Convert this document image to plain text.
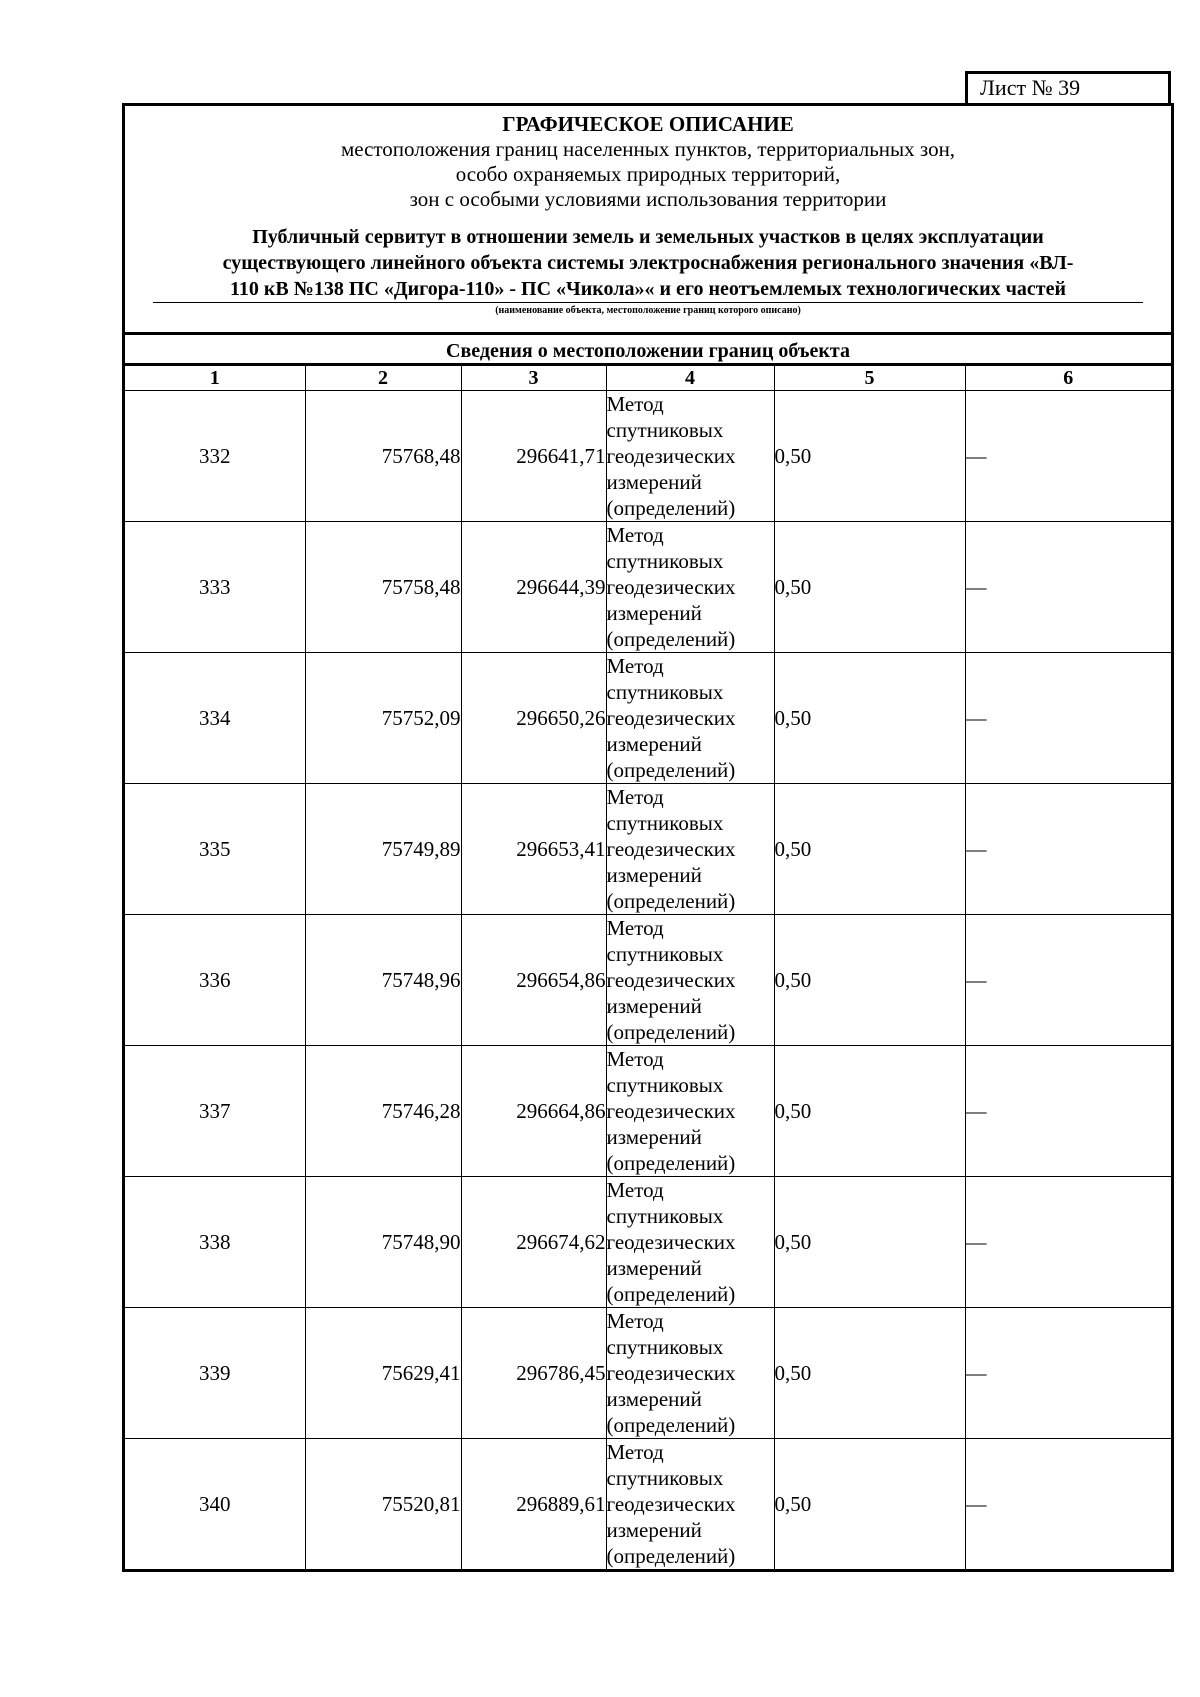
Лист № 39
ГРАФИЧЕСКОЕ ОПИСАНИЕ
местоположения границ населенных пунктов, территориальных зон,
особо охраняемых природных территорий,
зон с особыми условиями использования территории
Публичный сервитут в отношении земель и земельных участков в целях эксплуатации
существующего линейного объекта системы электроснабжения регионального значения «ВЛ-
110 кВ №138 ПС «Дигора-110» - ПС «Чикола»« и его неотъемлемых технологических частей
(наименование объекта, местоположение границ которого описано)
Сведения о местоположении границ объекта
1	2	3	4	5	6
332	75768,48	296641,71	Метод
спутниковых
геодезических
измерений
(определений)	0,50	—
333	75758,48	296644,39	Метод
спутниковых
геодезических
измерений
(определений)	0,50	—
334	75752,09	296650,26	Метод
спутниковых
геодезических
измерений
(определений)	0,50	—
335	75749,89	296653,41	Метод
спутниковых
геодезических
измерений
(определений)	0,50	—
336	75748,96	296654,86	Метод
спутниковых
геодезических
измерений
(определений)	0,50	—
337	75746,28	296664,86	Метод
спутниковых
геодезических
измерений
(определений)	0,50	—
338	75748,90	296674,62	Метод
спутниковых
геодезических
измерений
(определений)	0,50	—
339	75629,41	296786,45	Метод
спутниковых
геодезических
измерений
(определений)	0,50	—
340	75520,81	296889,61	Метод
спутниковых
геодезических
измерений
(определений)	0,50	—
